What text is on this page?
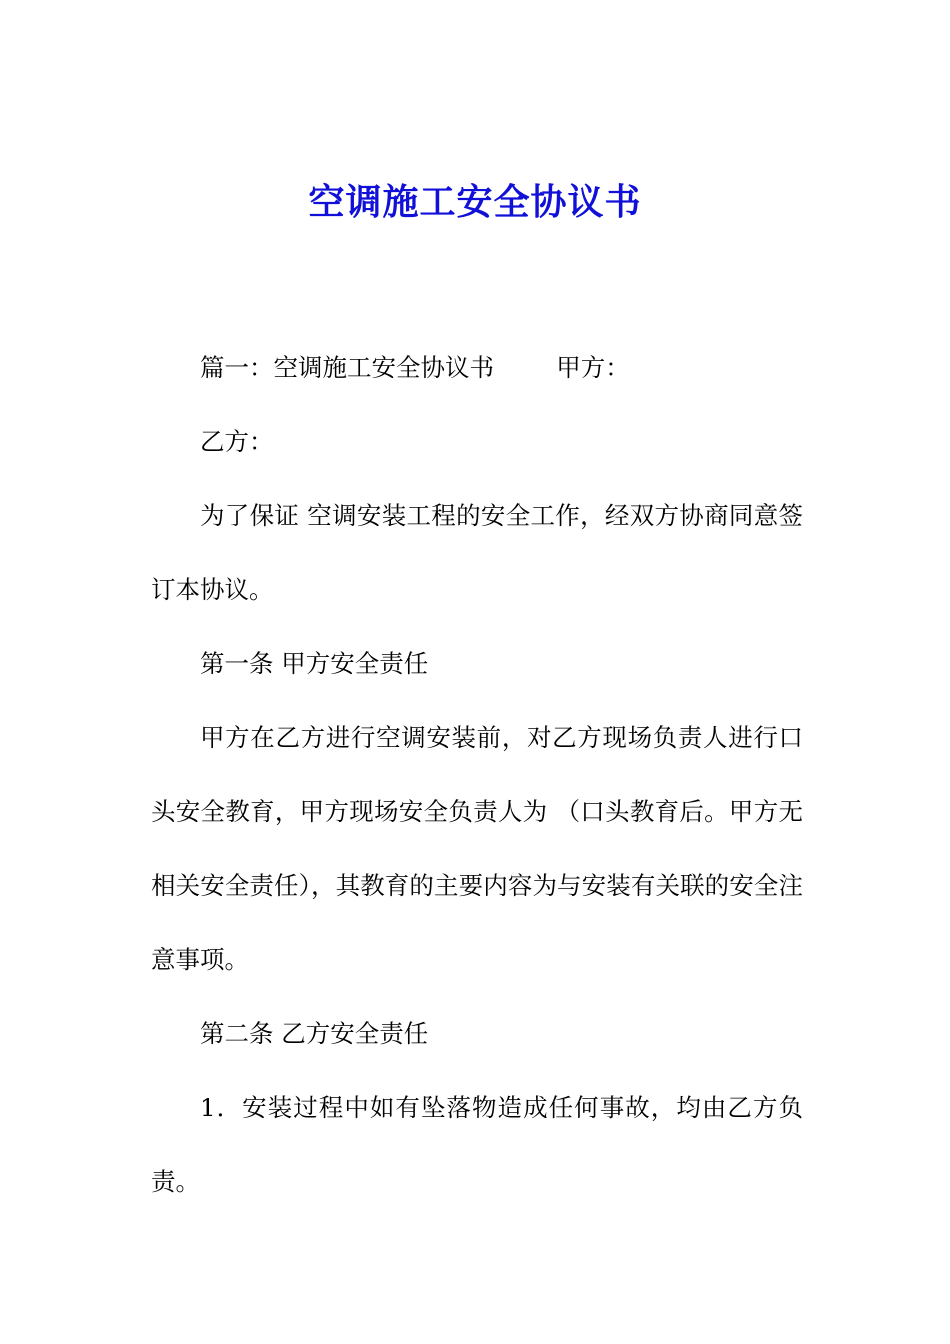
空调施工安全协议书

篇一：空调施工安全协议书        甲方：

乙方：

为了保证 空调安装工程的安全工作，经双方协商同意签订本协议。

第一条 甲方安全责任

甲方在乙方进行空调安装前，对乙方现场负责人进行口头安全教育，甲方现场安全负责人为 （口头教育后。甲方无相关安全责任），其教育的主要内容为与安装有关联的安全注意事项。

第二条 乙方安全责任

1．安装过程中如有坠落物造成任何事故，均由乙方负责。
